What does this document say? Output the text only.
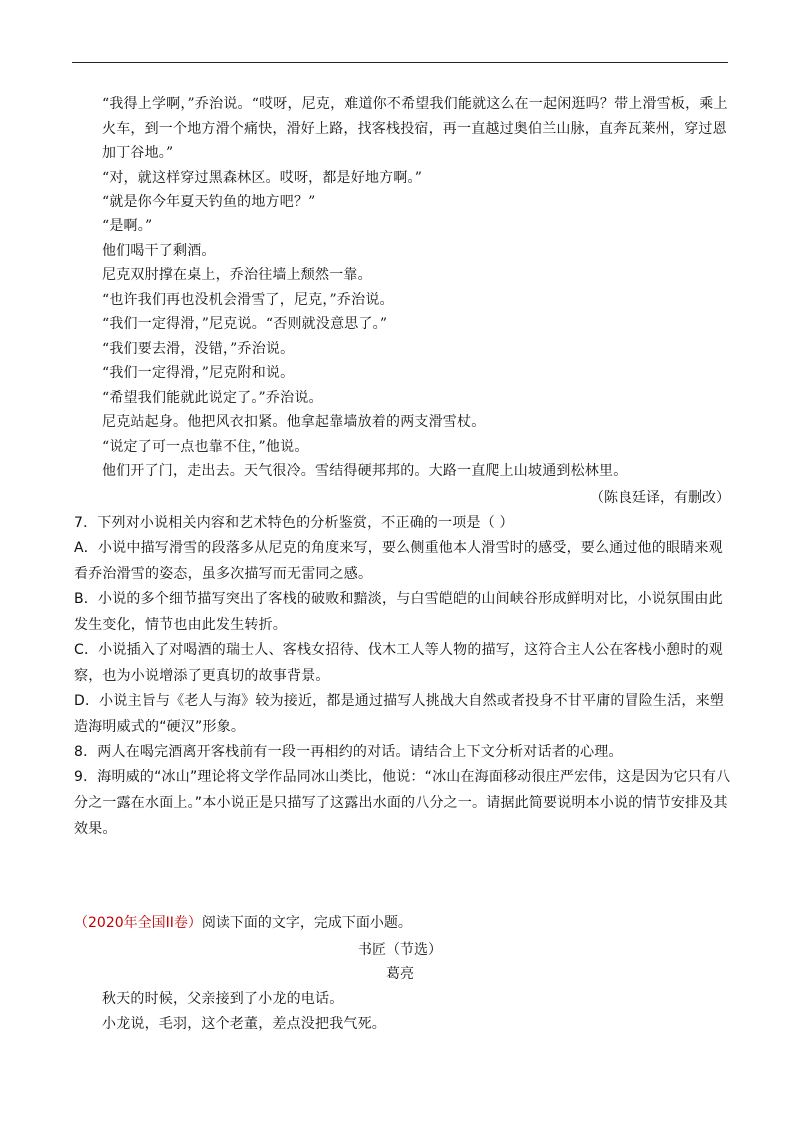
“我得上学啊，”乔治说。“哎呀，尼克，难道你不希望我们能就这么在一起闲逛吗？带上滑雪板，乘上火车，到一个地方滑个痛快，滑好上路，找客栈投宿，再一直越过奥伯兰山脉，直奔瓦莱州，穿过恩加丁谷地。”
“对，就这样穿过黑森林区。哎呀，都是好地方啊。”
“就是你今年夏天钓鱼的地方吧？”
“是啊。”
他们喝干了剩酒。
尼克双肘撑在桌上，乔治往墙上颓然一靠。
“也许我们再也没机会滑雪了，尼克，”乔治说。
“我们一定得滑，”尼克说。“否则就没意思了。”
“我们要去滑，没错，”乔治说。
“我们一定得滑，”尼克附和说。
“希望我们能就此说定了。”乔治说。
尼克站起身。他把风衣扣紧。他拿起靠墙放着的两支滑雪杖。
“说定了可一点也靠不住，”他说。
他们开了门，走出去。天气很冷。雪结得硬邦邦的。大路一直爬上山坡通到松林里。
（陈良廷译，有删改）
7．下列对小说相关内容和艺术特色的分析鉴赏，不正确的一项是（ ）
A．小说中描写滑雪的段落多从尼克的角度来写，要么侧重他本人滑雪时的感受，要么通过他的眼睛来观看乔治滑雪的姿态，虽多次描写而无雷同之感。
B．小说的多个细节描写突出了客栈的破败和黯淡，与白雪皑皑的山间峡谷形成鲜明对比，小说氛围由此发生变化，情节也由此发生转折。
C．小说插入了对喝酒的瑞士人、客栈女招待、伐木工人等人物的描写，这符合主人公在客栈小憩时的观察，也为小说增添了更真切的故事背景。
D．小说主旨与《老人与海》较为接近，都是通过描写人挑战大自然或者投身不甘平庸的冒险生活，来塑造海明威式的“硬汉”形象。
8．两人在喝完酒离开客栈前有一段一再相约的对话。请结合上下文分析对话者的心理。
9．海明威的“冰山”理论将文学作品同冰山类比，他说：“冰山在海面移动很庄严宏伟，这是因为它只有八分之一露在水面上。”本小说正是只描写了这露出水面的八分之一。请据此简要说明本小说的情节安排及其效果。
（2020年全国II卷）阅读下面的文字，完成下面小题。
书匠（节选）
葛亮
秋天的时候，父亲接到了小龙的电话。
小龙说，毛羽，这个老董，差点没把我气死。
